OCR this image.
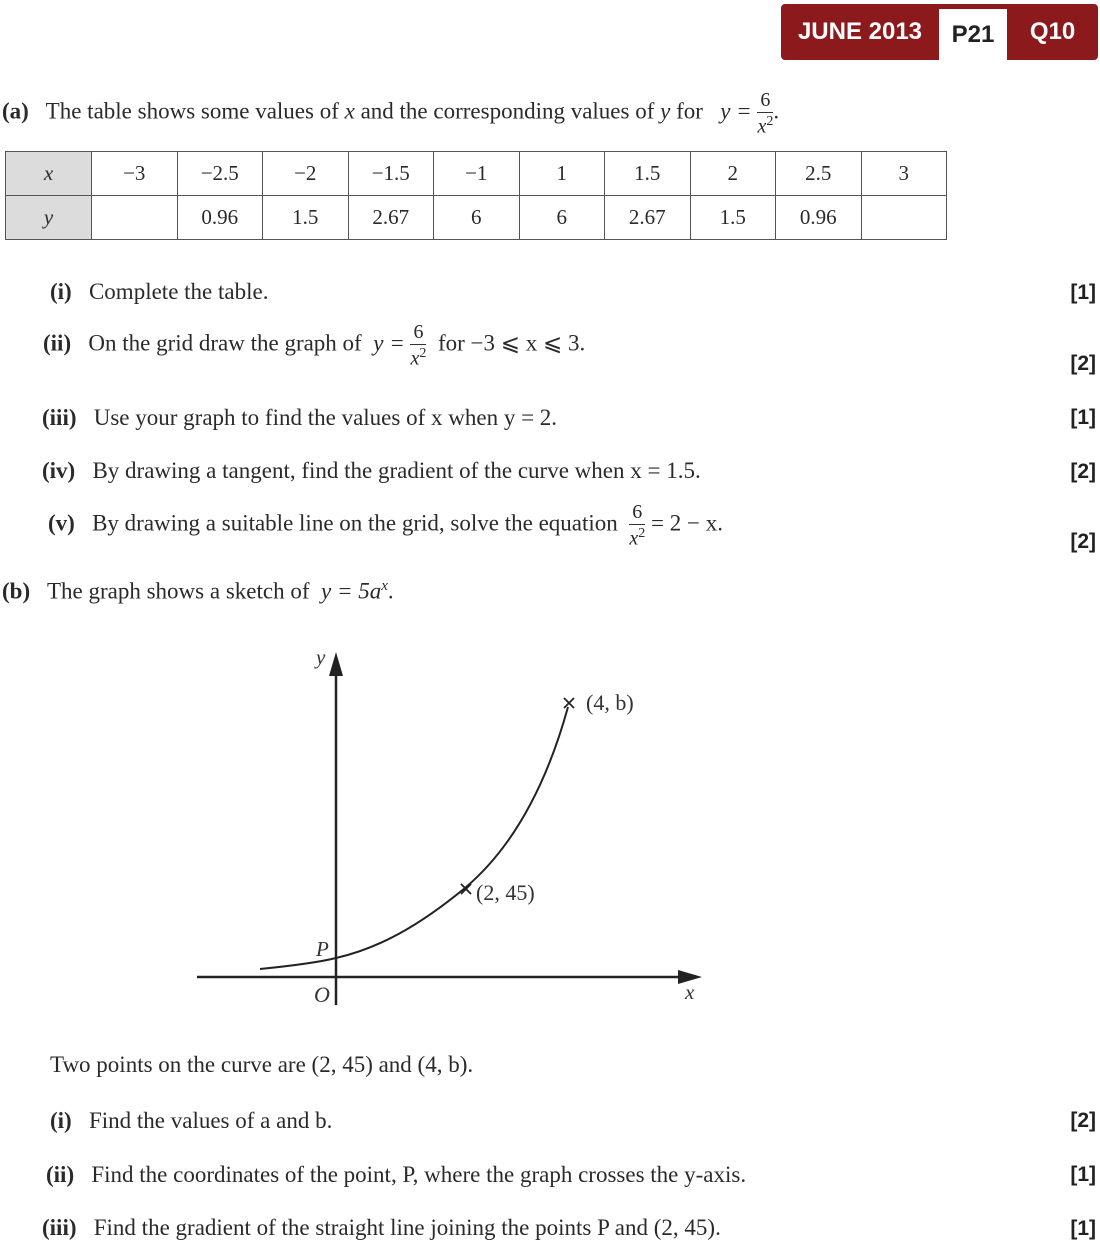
JUNE 2013	P21	Q10
(a) The table shows some values of x and the corresponding values of y for $y = \frac{6}{x^2}$ .
x	−3	−2.5	−2	−1.5	−1	1	1.5	2	2.5	3
y		0.96	1.5	2.67	6	6	2.67	1.5	0.96	
(i) Complete the table.	[1]
(ii) On the grid draw the graph of $y = \frac{6}{x^2}$ for −3 ⩽ x ⩽ 3.
[2]
(iii) Use your graph to find the values of x when y = 2.	[1]
(iv) By drawing a tangent, find the gradient of the curve when x = 1.5.	[2]
(v) By drawing a suitable line on the grid, solve the equation $\frac{6}{x^2} = 2 - x$.
[2]
(b) The graph shows a sketch of $y = 5a^x$.
y
x
O
P
(2, 45)
(4, b)
Two points on the curve are (2, 45) and (4, b).
(i) Find the values of a and b.	[2]
(ii) Find the coordinates of the point, P, where the graph crosses the y-axis.	[1]
(iii) Find the gradient of the straight line joining the points P and (2, 45).	[1]
